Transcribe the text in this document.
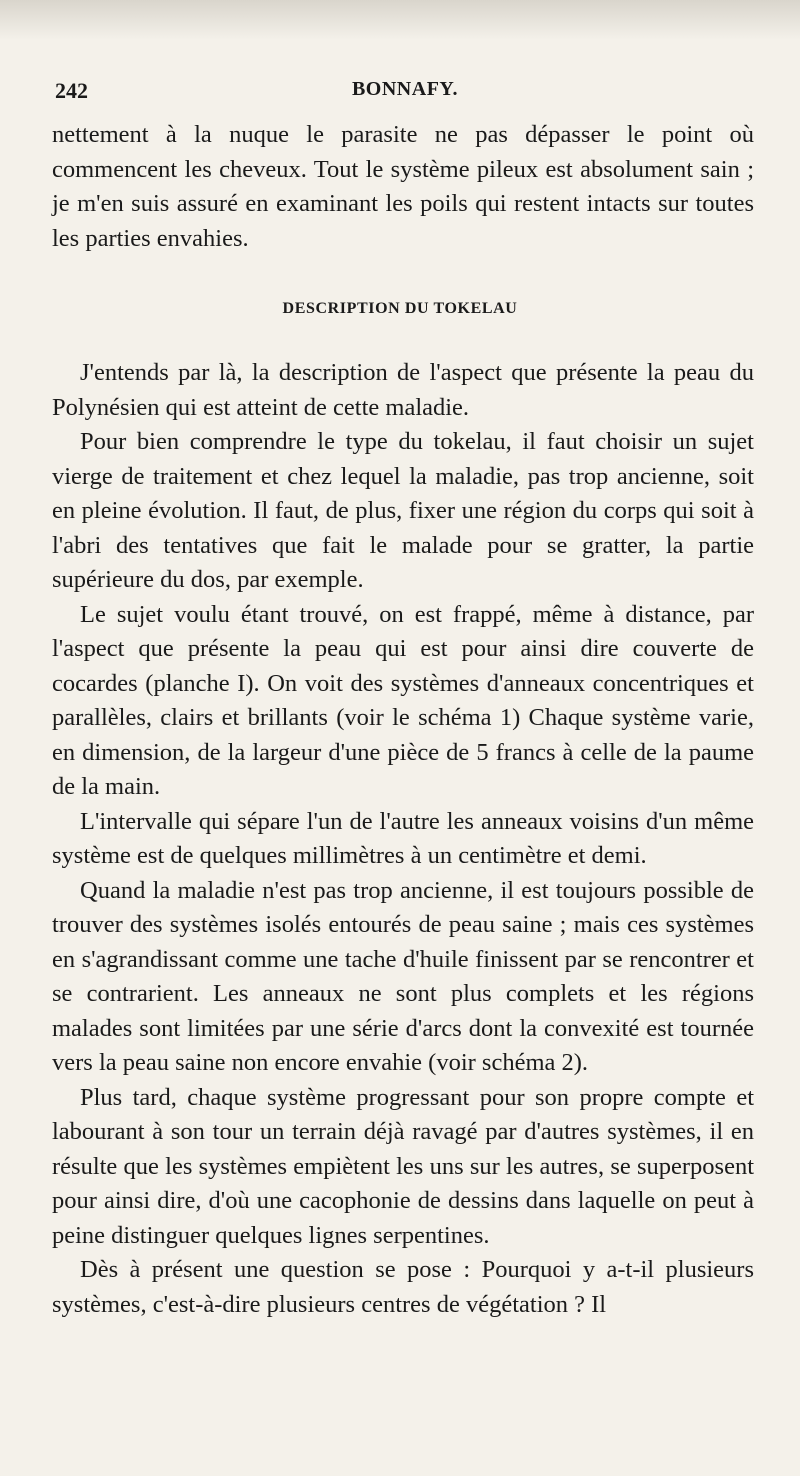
242	BONNAFY.

nettement à la nuque le parasite ne pas dépasser le point où commencent les cheveux. Tout le système pileux est absolument sain ; je m'en suis assuré en examinant les poils qui restent intacts sur toutes les parties envahies.

DESCRIPTION DU TOKELAU

J'entends par là, la description de l'aspect que présente la peau du Polynésien qui est atteint de cette maladie.

Pour bien comprendre le type du tokelau, il faut choisir un sujet vierge de traitement et chez lequel la maladie, pas trop ancienne, soit en pleine évolution. Il faut, de plus, fixer une région du corps qui soit à l'abri des tentatives que fait le malade pour se gratter, la partie supérieure du dos, par exemple.

Le sujet voulu étant trouvé, on est frappé, même à distance, par l'aspect que présente la peau qui est pour ainsi dire couverte de cocardes (planche I). On voit des systèmes d'anneaux concentriques et parallèles, clairs et brillants (voir le schéma 1) Chaque système varie, en dimension, de la largeur d'une pièce de 5 francs à celle de la paume de la main.

L'intervalle qui sépare l'un de l'autre les anneaux voisins d'un même système est de quelques millimètres à un centimètre et demi.

Quand la maladie n'est pas trop ancienne, il est toujours possible de trouver des systèmes isolés entourés de peau saine ; mais ces systèmes en s'agrandissant comme une tache d'huile finissent par se rencontrer et se contrarient. Les anneaux ne sont plus complets et les régions malades sont limitées par une série d'arcs dont la convexité est tournée vers la peau saine non encore envahie (voir schéma 2).

Plus tard, chaque système progressant pour son propre compte et labourant à son tour un terrain déjà ravagé par d'autres systèmes, il en résulte que les systèmes empiètent les uns sur les autres, se superposent pour ainsi dire, d'où une cacophonie de dessins dans laquelle on peut à peine distinguer quelques lignes serpentines.

Dès à présent une question se pose : Pourquoi y a-t-il plusieurs systèmes, c'est-à-dire plusieurs centres de végétation ? Il
